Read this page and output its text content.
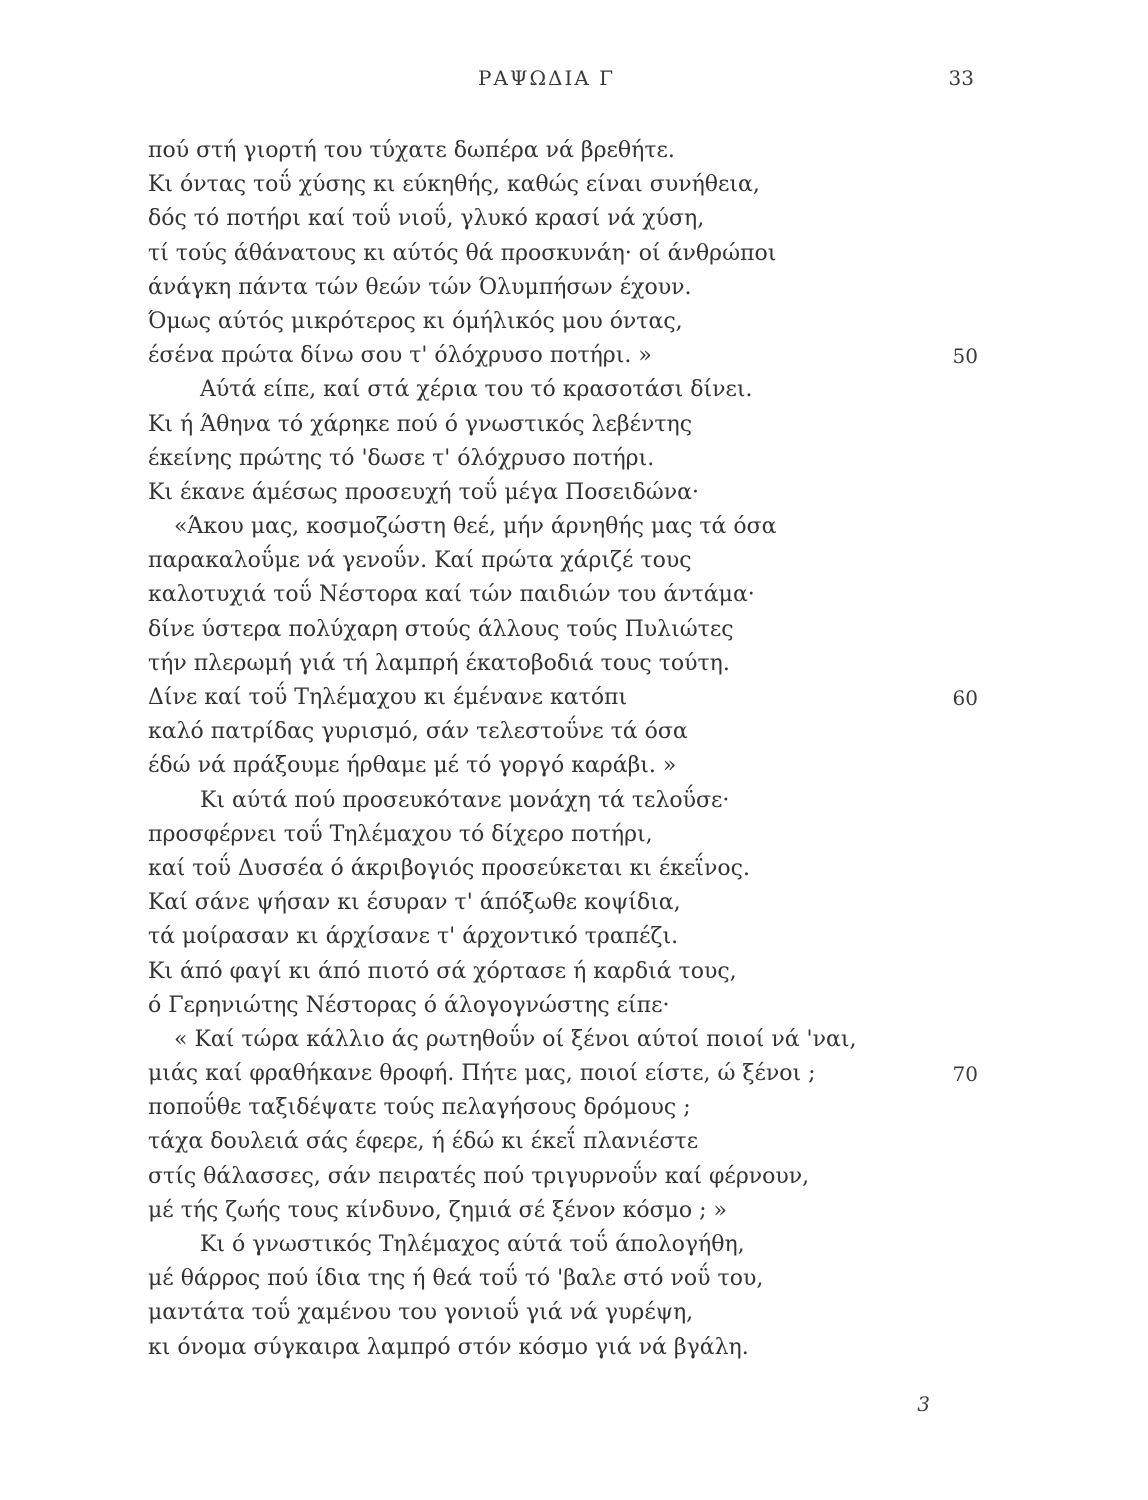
ΡΑΨΩΔΙΑ Γ	33
πού στή γιορτή του τύχατε δωπέρα νά βρεθήτε.
Κι όντας τοΰ χύσης κι εύκηθής, καθώς είναι συνήθεια,
δός τό ποτήρι καί τοΰ νιοΰ, γλυκό κρασί νά χύση,
τί τούς άθάνατους κι αύτός θά προσκυνάη· οί άνθρώποι
άνάγκη πάντα τών θεών τών Όλυμπήσων έχουν.
Όμως αύτός μικρότερος κι όμήλικός μου όντας,
έσένα πρώτα δίνω σου τ' όλόχρυσο ποτήρι. »	50
Αύτά είπε, καί στά χέρια του τό κρασοτάσι δίνει.
Κι ή Άθηνα τό χάρηκε πού ό γνωστικός λεβέντης
έκείνης πρώτης τό 'δωσε τ' όλόχρυσο ποτήρι.
Κι έκανε άμέσως προσευχή τοΰ μέγα Ποσειδώνα·
«Άκου μας, κοσμοζώστη θεέ, μήν άρνηθής μας τά όσα
παρακαλοΰμε νά γενοΰν. Καί πρώτα χάριζέ τους
καλοτυχιά τοΰ Νέστορα καί τών παιδιών του άντάμα·
δίνε ύστερα πολύχαρη στούς άλλους τούς Πυλιώτες
τήν πλερωμή γιά τή λαμπρή έκατοβοδιά τους τούτη.
Δίνε καί τοΰ Τηλέμαχου κι έμένανε κατόπι	60
καλό πατρίδας γυρισμό, σάν τελεστοΰνε τά όσα
έδώ νά πράξουμε ήρθαμε μέ τό γοργό καράβι. »
Κι αύτά πού προσευκότανε μονάχη τά τελοΰσε·
προσφέρνει τοΰ Τηλέμαχου τό δίχερο ποτήρι,
καί τοΰ Δυσσέα ό άκριβογιός προσεύκεται κι έκεΐνος.
Καί σάνε ψήσαν κι έσυραν τ' άπόξωθε κοψίδια,
τά μοίρασαν κι άρχίσανε τ' άρχοντικό τραπέζι.
Κι άπό φαγί κι άπό πιοτό σά χόρτασε ή καρδιά τους,
ό Γερηνιώτης Νέστορας ό άλογογνώστης είπε·
« Καί τώρα κάλλιο άς ρωτηθοΰν οί ξένοι αύτοί ποιοί νά 'ναι,
μιάς καί φραθήκανε θροφή. Πήτε μας, ποιοί είστε, ώ ξένοι ;	70
ποποΰθε ταξιδέψατε τούς πελαγήσους δρόμους ;
τάχα δουλειά σάς έφερε, ή έδώ κι έκεΐ πλανιέστε
στίς θάλασσες, σάν πειρατές πού τριγυρνοΰν καί φέρνουν,
μέ τής ζωής τους κίνδυνο, ζημιά σέ ξένον κόσμο ; »
Κι ό γνωστικός Τηλέμαχος αύτά τοΰ άπολογήθη,
μέ θάρρος πού ίδια της ή θεά τοΰ τό 'βαλε στό νοΰ του,
μαντάτα τοΰ χαμένου του γονιοΰ γιά νά γυρέψη,
κι όνομα σύγκαιρα λαμπρό στόν κόσμο γιά νά βγάλη.
3
